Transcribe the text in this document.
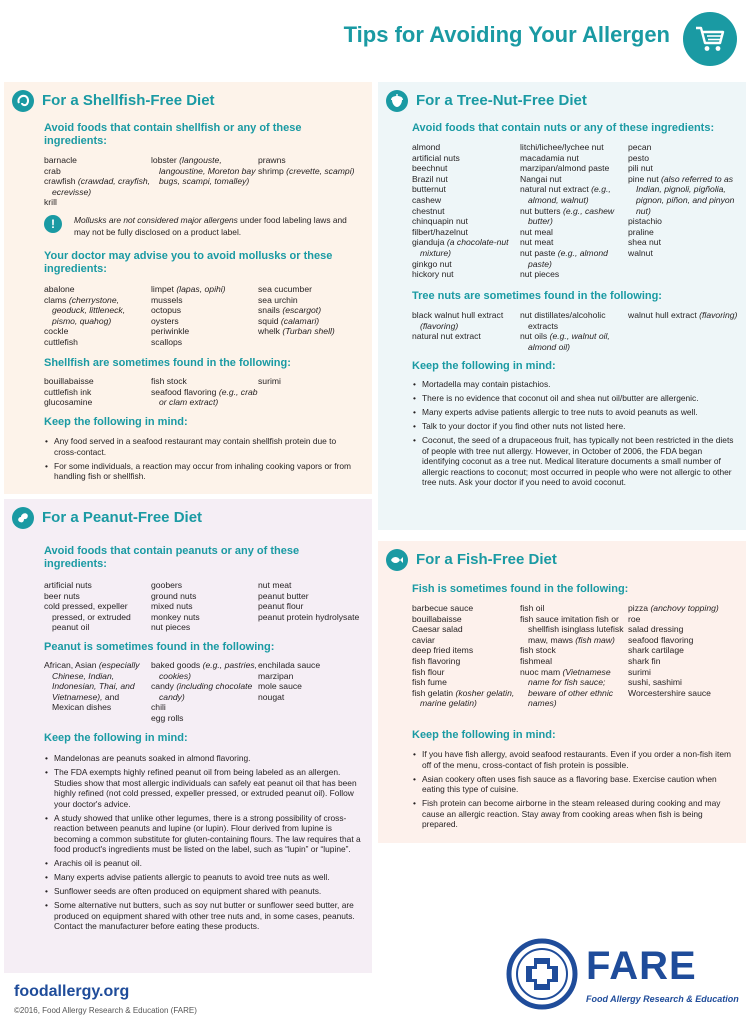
Tips for Avoiding Your Allergen
For a Shellfish-Free Diet

Avoid foods that contain shellfish or any of these ingredients:

barnacle
crab
crawfish (crawdad, crayfish, ecrevisse)
krill
lobster (langouste, langoustine, Moreton bay bugs, scampi, tomalley)
prawns
shrimp (crevette, scampi)
!	Mollusks are not considered major allergens under food labeling laws and may not be fully disclosed on a product label.

Your doctor may advise you to avoid mollusks or these ingredients:

abalone
clams (cherrystone, geoduck, littleneck, pismo, quahog)
cockle
cuttlefish
limpet (lapas, opihi)
mussels
octopus
oysters
periwinkle
scallops
sea cucumber
sea urchin
snails (escargot)
squid (calamari)
whelk (Turban shell)

Shellfish are sometimes found in the following:

bouillabaisse
cuttlefish ink
glucosamine
fish stock
seafood flavoring (e.g., crab or clam extract)
surimi

Keep the following in mind:

• Any food served in a seafood restaurant may contain shellfish protein due to cross-contact.
• For some individuals, a reaction may occur from inhaling cooking vapors or from handling fish or shellfish.
For a Peanut-Free Diet

Avoid foods that contain peanuts or any of these ingredients:

artificial nuts
beer nuts
cold pressed, expeller pressed, or extruded peanut oil
goobers
ground nuts
mixed nuts
monkey nuts
nut pieces
nut meat
peanut butter
peanut flour
peanut protein hydrolysate

Peanut is sometimes found in the following:

African, Asian (especially Chinese, Indian, Indonesian, Thai, and Vietnamese), and Mexican dishes
baked goods (e.g., pastries, cookies)
candy (including chocolate candy)
chili
egg rolls
enchilada sauce
marzipan
mole sauce
nougat

Keep the following in mind:

• Mandelonas are peanuts soaked in almond flavoring.
• The FDA exempts highly refined peanut oil from being labeled as an allergen. Studies show that most allergic individuals can safely eat peanut oil that has been highly refined (not cold pressed, expeller pressed, or extruded peanut oil). Follow your doctor's advice.
• A study showed that unlike other legumes, there is a strong possibility of cross-reaction between peanuts and lupine (or lupin). Flour derived from lupine is becoming a common substitute for gluten-containing flours. The law requires that a food product's ingredients must be listed on the label, such as “lupin” or “lupine”.
• Arachis oil is peanut oil.
• Many experts advise patients allergic to peanuts to avoid tree nuts as well.
• Sunflower seeds are often produced on equipment shared with peanuts.
• Some alternative nut butters, such as soy nut butter or sunflower seed butter, are produced on equipment shared with other tree nuts and, in some cases, peanuts. Contact the manufacturer before eating these products.
For a Tree-Nut-Free Diet

Avoid foods that contain nuts or any of these ingredients:

almond
artificial nuts
beechnut
Brazil nut
butternut
cashew
chestnut
chinquapin nut
filbert/hazelnut
gianduja (a chocolate-nut mixture)
ginkgo nut
hickory nut
litchi/lichee/lychee nut
macadamia nut
marzipan/almond paste
Nangai nut
natural nut extract (e.g., almond, walnut)
nut butters (e.g., cashew butter)
nut meal
nut meat
nut paste (e.g., almond paste)
nut pieces
pecan
pesto
pili nut
pine nut (also referred to as Indian, pignoli, pigñolia, pignon, piñon, and pinyon nut)
pistachio
praline
shea nut
walnut

Tree nuts are sometimes found in the following:

black walnut hull extract (flavoring)
natural nut extract
nut distillates/alcoholic extracts
nut oils (e.g., walnut oil, almond oil)
walnut hull extract (flavoring)

Keep the following in mind:

• Mortadella may contain pistachios.
• There is no evidence that coconut oil and shea nut oil/butter are allergenic.
• Many experts advise patients allergic to tree nuts to avoid peanuts as well.
• Talk to your doctor if you find other nuts not listed here.
• Coconut, the seed of a drupaceous fruit, has typically not been restricted in the diets of people with tree nut allergy. However, in October of 2006, the FDA began identifying coconut as a tree nut. Medical literature documents a small number of allergic reactions to coconut; most occurred in people who were not allergic to other tree nuts. Ask your doctor if you need to avoid coconut.
For a Fish-Free Diet

Fish is sometimes found in the following:

barbecue sauce
bouillabaisse
Caesar salad
caviar
deep fried items
fish flavoring
fish flour
fish fume
fish gelatin (kosher gelatin, marine gelatin)
fish oil
fish sauce imitation fish or shellfish isinglass lutefisk maw, maws (fish maw)
fish stock
fishmeal
nuoc mam (Vietnamese name for fish sauce; beware of other ethnic names)
pizza (anchovy topping)
roe
salad dressing
seafood flavoring
shark cartilage
shark fin
surimi
sushi, sashimi
Worcestershire sauce

Keep the following in mind:

• If you have fish allergy, avoid seafood restaurants. Even if you order a non-fish item off of the menu, cross-contact of fish protein is possible.
• Asian cookery often uses fish sauce as a flavoring base. Exercise caution when eating this type of cuisine.
• Fish protein can become airborne in the steam released during cooking and may cause an allergic reaction. Stay away from cooking areas when fish is being prepared.
foodallergy.org
©2016, Food Allergy Research & Education (FARE)
FARE
Food Allergy Research & Education
